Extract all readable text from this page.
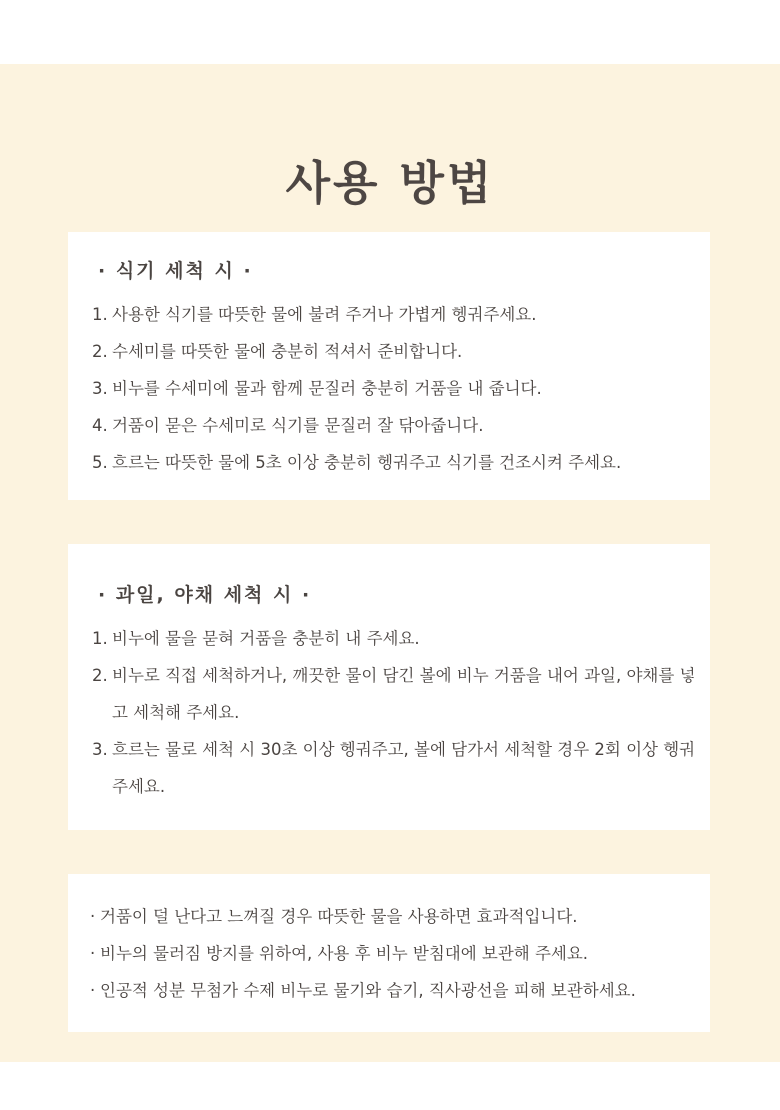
사용 방법
· 식기 세척 시 ·
1. 사용한 식기를 따뜻한 물에 불려 주거나 가볍게 헹궈주세요.
2. 수세미를 따뜻한 물에 충분히 적셔서 준비합니다.
3. 비누를 수세미에 물과 함께 문질러 충분히 거품을 내 줍니다.
4. 거품이 묻은 수세미로 식기를 문질러 잘 닦아줍니다.
5. 흐르는 따뜻한 물에 5초 이상 충분히 헹궈주고 식기를 건조시켜 주세요.
· 과일, 야채 세척 시 ·
1. 비누에 물을 묻혀 거품을 충분히 내 주세요.
2. 비누로 직접 세척하거나, 깨끗한 물이 담긴 볼에 비누 거품을 내어 과일, 야채를 넣고 세척해 주세요.
3. 흐르는 물로 세척 시 30초 이상 헹궈주고, 볼에 담가서 세척할 경우 2회 이상 헹궈주세요.
· 거품이 덜 난다고 느껴질 경우 따뜻한 물을 사용하면 효과적입니다.
· 비누의 물러짐 방지를 위하여, 사용 후 비누 받침대에 보관해 주세요.
· 인공적 성분 무첨가 수제 비누로 물기와 습기, 직사광선을 피해 보관하세요.
